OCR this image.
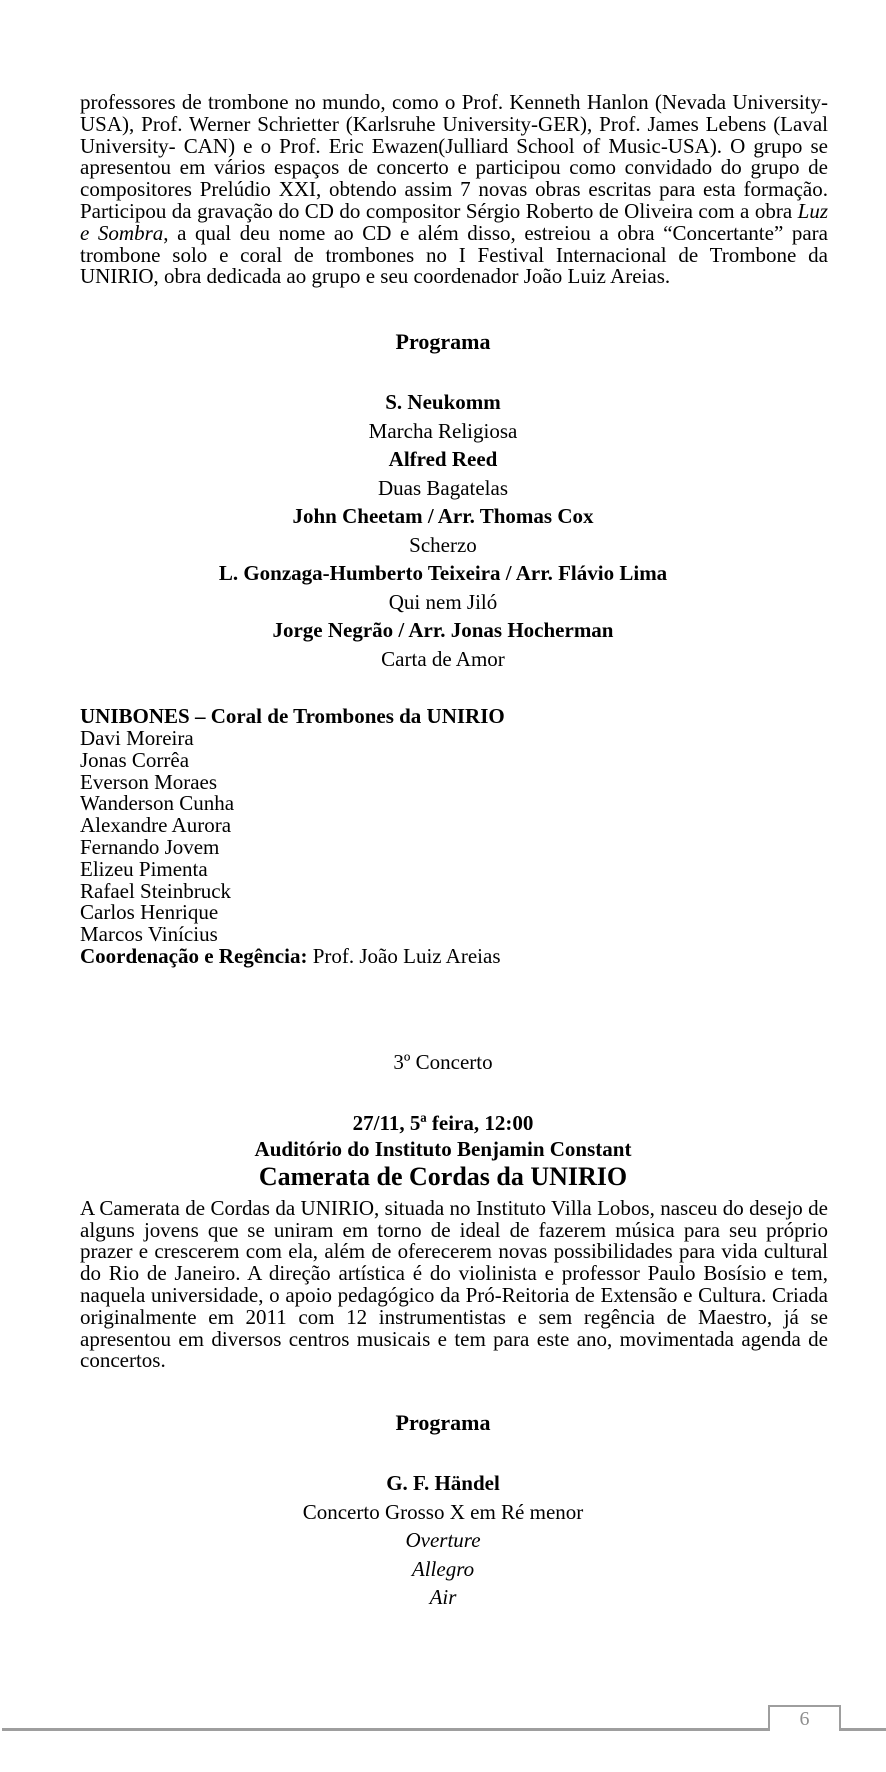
professores de trombone no mundo, como o Prof. Kenneth Hanlon (Nevada University- USA), Prof. Werner Schrietter (Karlsruhe University-GER), Prof. James Lebens (Laval University- CAN) e o Prof. Eric Ewazen(Julliard School of Music-USA). O grupo se apresentou em vários espaços de concerto e participou como convidado do grupo de compositores Prelúdio XXI, obtendo assim 7 novas obras escritas para esta formação. Participou da gravação do CD do compositor Sérgio Roberto de Oliveira com a obra Luz e Sombra, a qual deu nome ao CD e além disso, estreiou a obra “Concertante” para trombone solo e coral de trombones no I Festival Internacional de Trombone da UNIRIO, obra dedicada ao grupo e seu coordenador João Luiz Areias.

Programa
S. Neukomm
Marcha Religiosa
Alfred Reed
Duas Bagatelas
John Cheetam / Arr. Thomas Cox
Scherzo
L. Gonzaga-Humberto Teixeira / Arr. Flávio Lima
Qui nem Jiló
Jorge Negrão / Arr. Jonas Hocherman
Carta de Amor
UNIBONES – Coral de Trombones da UNIRIO
Davi Moreira
Jonas Corrêa
Everson Moraes
Wanderson Cunha
Alexandre Aurora
Fernando Jovem
Elizeu Pimenta
Rafael Steinbruck
Carlos Henrique
Marcos Vinícius
Coordenação e Regência: Prof. João Luiz Areias
3º Concerto
27/11, 5ª feira, 12:00
Auditório do Instituto Benjamin Constant
Camerata de Cordas da UNIRIO

A Camerata de Cordas da UNIRIO, situada no Instituto Villa Lobos, nasceu do desejo de alguns jovens que se uniram em torno de ideal de fazerem música para seu próprio prazer e crescerem com ela, além de oferecerem novas possibilidades para vida cultural do Rio de Janeiro. A direção artística é do violinista e professor Paulo Bosísio e tem, naquela universidade, o apoio pedagógico da Pró-Reitoria de Extensão e Cultura. Criada originalmente em 2011 com 12 instrumentistas e sem regência de Maestro, já se apresentou em diversos centros musicais e tem para este ano, movimentada agenda de concertos.

Programa
G. F. Händel
Concerto Grosso X em Ré menor
Overture
Allegro
Air
6
